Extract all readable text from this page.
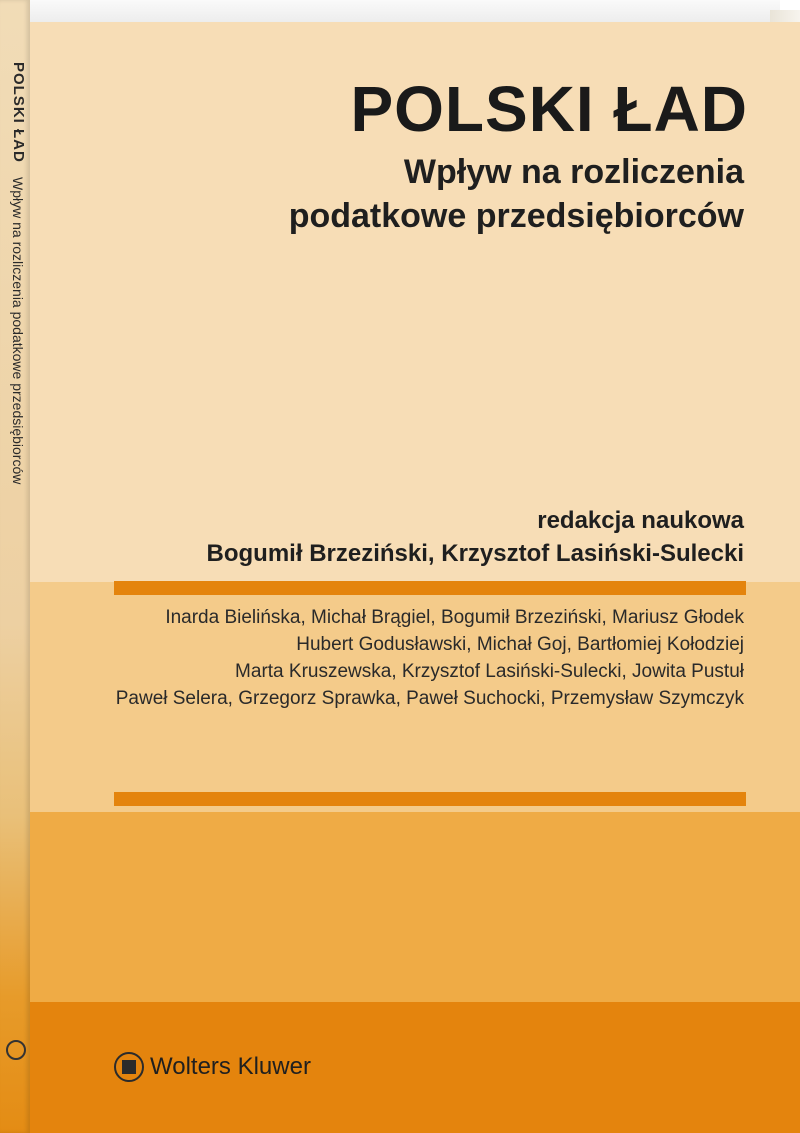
POLSKI ŁAD Wpływ na rozliczenia podatkowe przedsiębiorców
POLSKI ŁAD
Wpływ na rozliczenia
podatkowe przedsiębiorców
redakcja naukowa
Bogumił Brzeziński, Krzysztof Lasiński-Sulecki
Inarda Bielińska, Michał Brągiel, Bogumił Brzeziński, Mariusz Głodek
Hubert Godusławski, Michał Goj, Bartłomiej Kołodziej
Marta Kruszewska, Krzysztof Lasiński-Sulecki, Jowita Pustuł
Paweł Selera, Grzegorz Sprawka, Paweł Suchocki, Przemysław Szymczyk
Wolters Kluwer
